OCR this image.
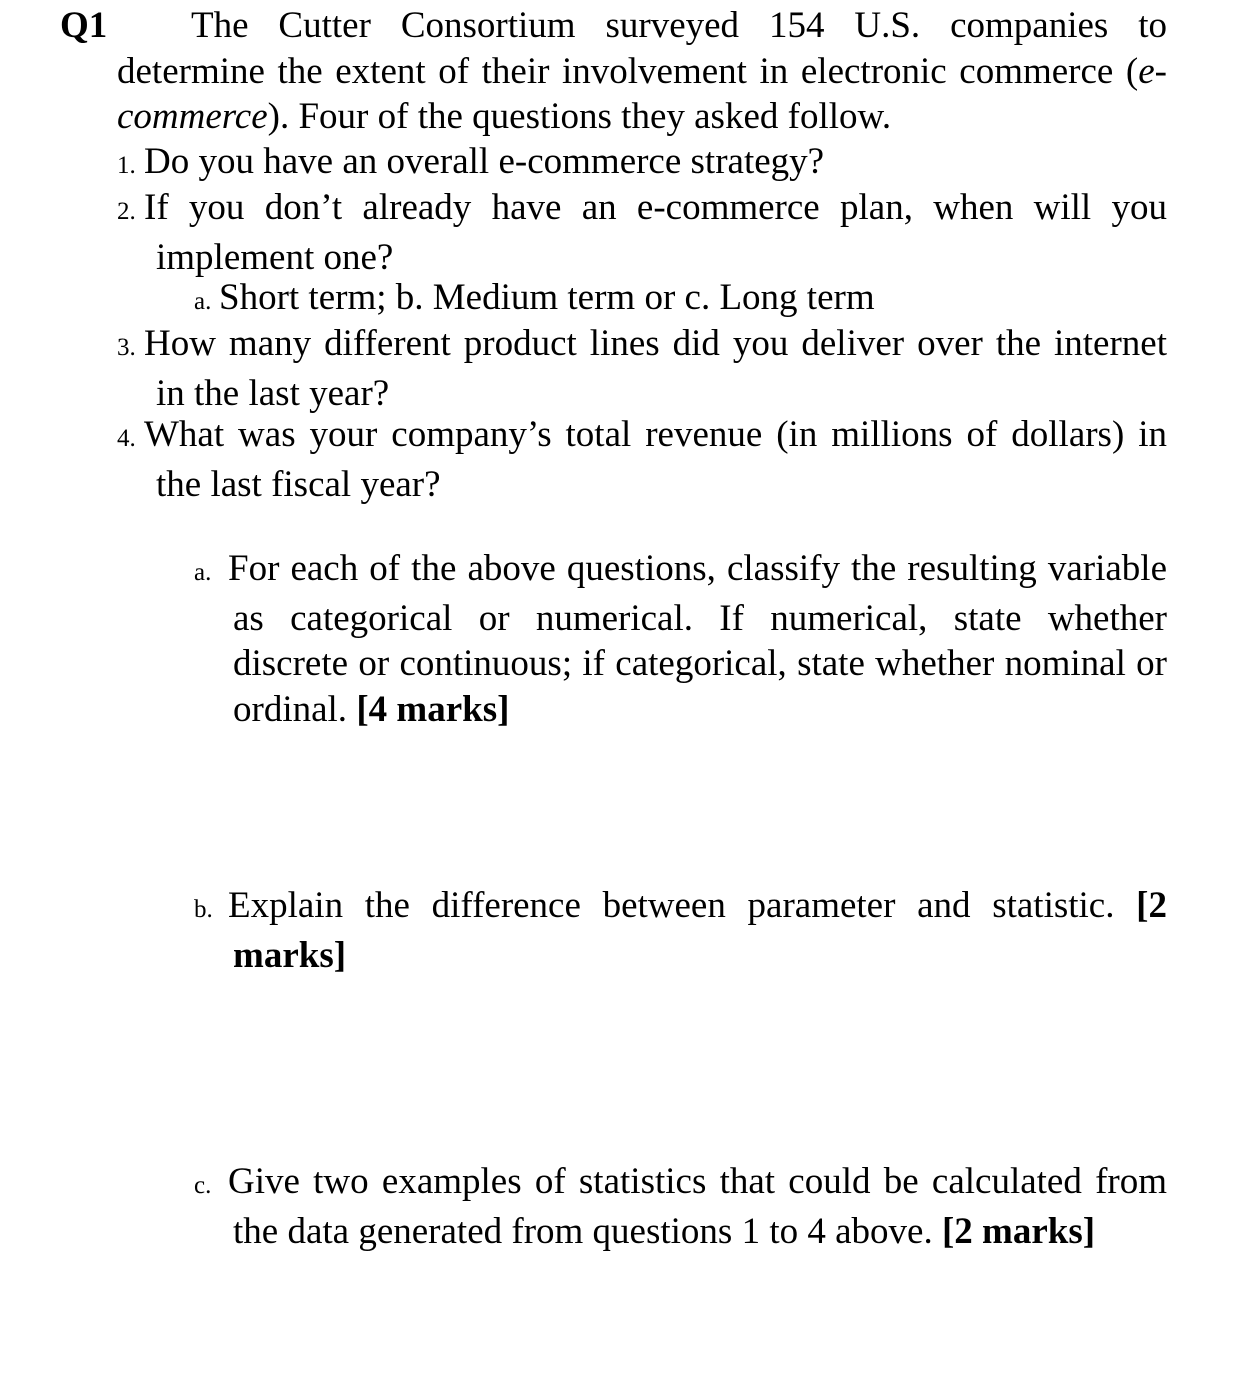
Q1	The Cutter Consortium surveyed 154 U.S. companies to determine the extent of their involvement in electronic commerce (e-commerce). Four of the questions they asked follow.
1. Do you have an overall e-commerce strategy?
2. If you don’t already have an e-commerce plan, when will you implement one?
a. Short term; b. Medium term or c. Long term
3. How many different product lines did you deliver over the internet in the last year?
4. What was your company’s total revenue (in millions of dollars) in the last fiscal year?
a. For each of the above questions, classify the resulting variable as categorical or numerical. If numerical, state whether discrete or continuous; if categorical, state whether nominal or ordinal. [4 marks]
b. Explain the difference between parameter and statistic. [2 marks]
c. Give two examples of statistics that could be calculated from the data generated from questions 1 to 4 above. [2 marks]
